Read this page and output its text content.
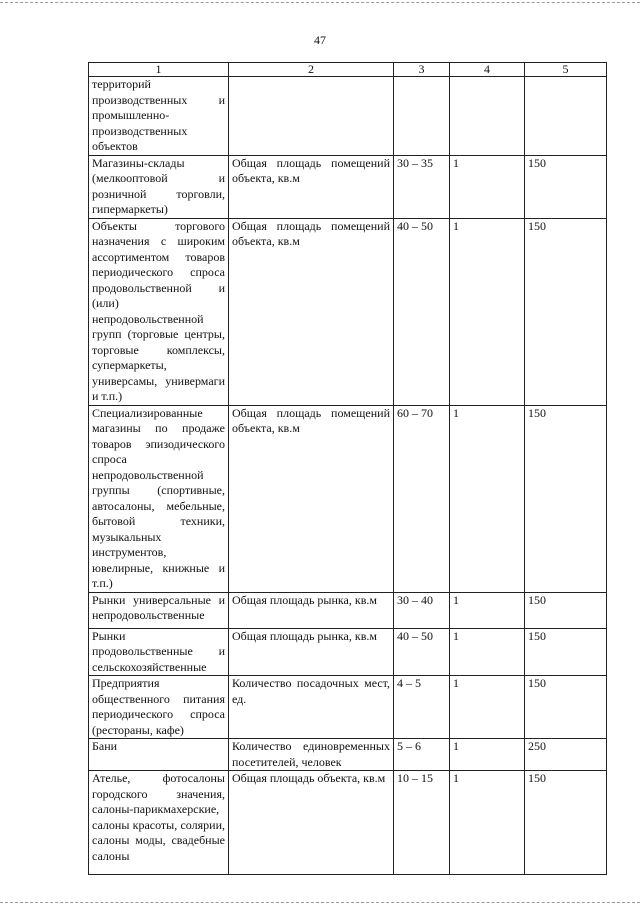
47
1	2	3	4	5
территорий производственных и промышленно-производственных объектов				
Магазины-склады (мелкооптовой и розничной торговли, гипермаркеты)	Общая площадь помещений объекта, кв.м	30 – 35	1	150
Объекты торгового назначения с широким ассортиментом товаров периодического спроса продовольственной и (или) непродовольственной групп (торговые центры, торговые комплексы, супермаркеты, универсамы, универмаги и т.п.)	Общая площадь помещений объекта, кв.м	40 – 50	1	150
Специализированные магазины по продаже товаров эпизодического спроса непродовольственной группы (спортивные, автосалоны, мебельные, бытовой техники, музыкальных инструментов, ювелирные, книжные и т.п.)	Общая площадь помещений объекта, кв.м	60 – 70	1	150
Рынки универсальные и непродовольственные	Общая площадь рынка, кв.м	30 – 40	1	150
Рынки продовольственные и сельскохозяйственные	Общая площадь рынка, кв.м	40 – 50	1	150
Предприятия общественного питания периодического спроса (рестораны, кафе)	Количество посадочных мест, ед.	4 – 5	1	150
Бани	Количество единовременных посетителей, человек	5 – 6	1	250
Ателье, фотосалоны городского значения, салоны-парикмахерские, салоны красоты, солярии, салоны моды, свадебные салоны	Общая площадь объекта, кв.м	10 – 15	1	150
